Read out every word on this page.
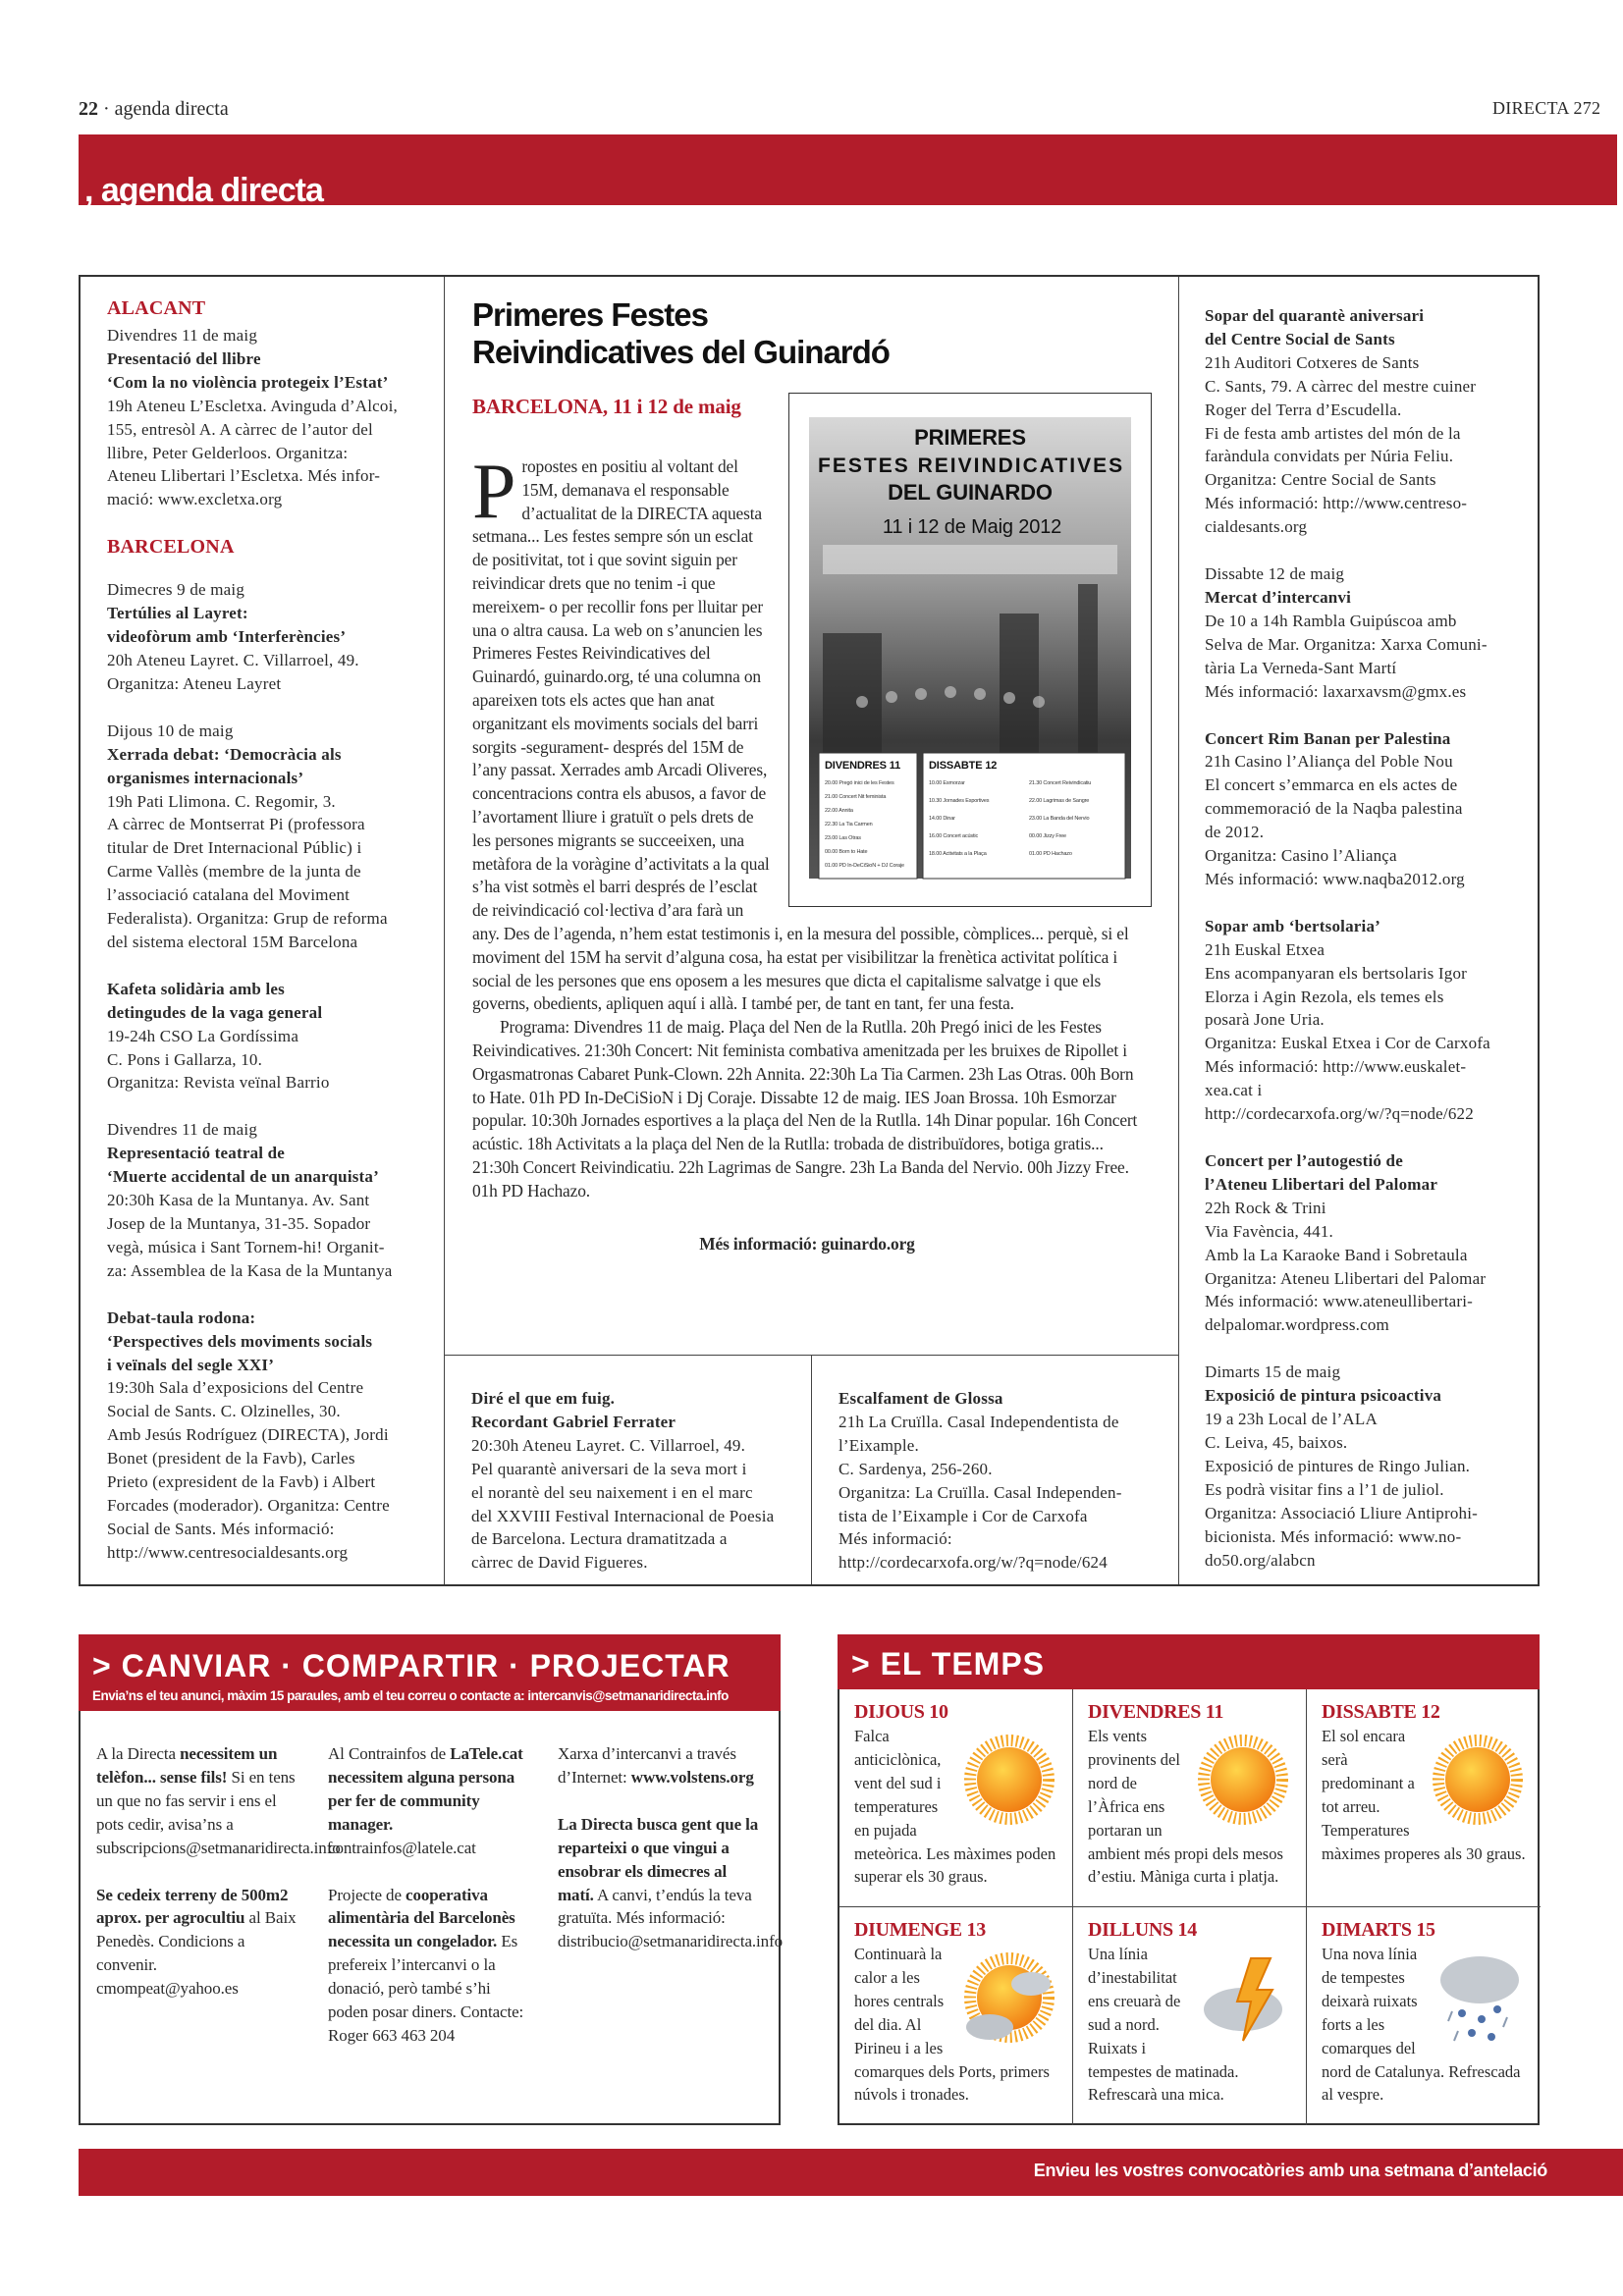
22 · agenda directa	DIRECTA 272
, agenda directa
ALACANT
Divendres 11 de maig
Presentació del llibre
‘Com la no violència protegeix l’Estat’
19h Ateneu L’Escletxa. Avinguda d’Alcoi,
155, entresòl A. A càrrec de l’autor del
llibre, Peter Gelderloos. Organitza:
Ateneu Llibertari l’Escletxa. Més infor-
mació: www.excletxa.org
BARCELONA
Dimecres 9 de maig
Tertúlies al Layret:
videofòrum amb ‘Interferències’
20h Ateneu Layret. C. Villarroel, 49.
Organitza: Ateneu Layret
Dijous 10 de maig
Xerrada debat: ‘Democràcia als
organismes internacionals’
19h Pati Llimona. C. Regomir, 3.
A càrrec de Montserrat Pi (professora
titular de Dret Internacional Públic) i
Carme Vallès (membre de la junta de
l’associació catalana del Moviment
Federalista). Organitza: Grup de reforma
del sistema electoral 15M Barcelona
Kafeta solidària amb les
detingudes de la vaga general
19-24h CSO La Gordíssima
C. Pons i Gallarza, 10.
Organitza: Revista veïnal Barrio
Divendres 11 de maig
Representació teatral de
‘Muerte accidental de un anarquista’
20:30h Kasa de la Muntanya. Av. Sant
Josep de la Muntanya, 31-35. Sopador
vegà, música i Sant Tornem-hi! Organit-
za: Assemblea de la Kasa de la Muntanya
Debat-taula rodona:
‘Perspectives dels moviments socials
i veïnals del segle XXI’
19:30h Sala d’exposicions del Centre
Social de Sants. C. Olzinelles, 30.
Amb Jesús Rodríguez (DIRECTA), Jordi
Bonet (president de la Favb), Carles
Prieto (expresident de la Favb) i Albert
Forcades (moderador). Organitza: Centre
Social de Sants. Més informació:
http://www.centresocialdesants.org
Primeres Festes
Reivindicatives del Guinardó
PRIMERES
FESTES REIVINDICATIVES
DEL GUINARDO
11 i 12 de Maig 2012
DIVENDRES 11	DISSABTE 12
20.00 Pregó inici de les Festes
21.00 Concert Nit feminista
22.00 Annita
22.30 La Tia Carmen
23.00 Las Otras
00.00 Born to Hate
01.00 PD In-DeCiSioN + DJ Coraje
10.00 Esmorzar
10.30 Jornades Esportives
14.00 Dinar
16.00 Concert acústic
18.00 Activitats a la Plaça
21.30 Concert Reivindicatiu
22.00 Lagrimas de Sangre
23.00 La Banda del Nervio
00.00 Jizzy Free
01.00 PD Hachazo
BARCELONA, 11 i 12 de maig

Propostes en positiu al voltant del 15M, demanava el responsable d’actualitat de la DIRECTA aquesta setmana... Les festes sempre són un esclat de positivitat, tot i que sovint siguin per reivindicar drets que no tenim -i que mereixem- o per recollir fons per lluitar per una o altra causa. La web on s’anuncien les Primeres Festes Reivindicatives del Guinardó, guinardo.org, té una columna on apareixen tots els actes que han anat organitzant els moviments socials del barri sorgits -segurament- després del 15M de l’any passat. Xerrades amb Arcadi Oliveres, concentracions contra els abusos, a favor de l’avortament lliure i gratuït o pels drets de les persones migrants se succeeixen, una metàfora de la voràgine d’activitats a la qual s’ha vist sotmès el barri després de l’esclat de reivindicació col·lectiva d’ara farà un any. Des de l’agenda, n’hem estat testimonis i, en la mesura del possible, còmplices... perquè, si el moviment del 15M ha servit d’alguna cosa, ha estat per visibilitzar la frenètica activitat política i social de les persones que ens oposem a les mesures que dicta el capitalisme salvatge i que els governs, obedients, apliquen aquí i allà. I també per, de tant en tant, fer una festa.

Programa: Divendres 11 de maig. Plaça del Nen de la Rutlla. 20h Pregó inici de les Festes Reivindicatives. 21:30h Concert: Nit feminista combativa amenitzada per les bruixes de Ripollet i Orgasmatronas Cabaret Punk-Clown. 22h Annita. 22:30h La Tia Carmen. 23h Las Otras. 00h Born to Hate. 01h PD In-DeCiSioN i Dj Coraje. Dissabte 12 de maig. IES Joan Brossa. 10h Esmorzar popular. 10:30h Jornades esportives a la plaça del Nen de la Rutlla. 14h Dinar popular. 16h Concert acústic. 18h Activitats a la plaça del Nen de la Rutlla: trobada de distribuïdores, botiga gratis... 21:30h Concert Reivindicatiu. 22h Lagrimas de Sangre. 23h La Banda del Nervio. 00h Jizzy Free. 01h PD Hachazo.

Més informació: guinardo.org
Diré el que em fuig.
Recordant Gabriel Ferrater
20:30h Ateneu Layret. C. Villarroel, 49.
Pel quarantè aniversari de la seva mort i
el norantè del seu naixement i en el marc
del XXVIII Festival Internacional de Poesia
de Barcelona. Lectura dramatitzada a
càrrec de David Figueres.
Escalfament de Glossa
21h La Cruïlla. Casal Independentista de
l’Eixample.
C. Sardenya, 256-260.
Organitza: La Cruïlla. Casal Independen-
tista de l’Eixample i Cor de Carxofa
Més informació:
http://cordecarxofa.org/w/?q=node/624
Sopar del quarantè aniversari
del Centre Social de Sants
21h Auditori Cotxeres de Sants
C. Sants, 79. A càrrec del mestre cuiner
Roger del Terra d’Escudella.
Fi de festa amb artistes del món de la
faràndula convidats per Núria Feliu.
Organitza: Centre Social de Sants
Més informació: http://www.centreso-
cialdesants.org
Dissabte 12 de maig
Mercat d’intercanvi
De 10 a 14h Rambla Guipúscoa amb
Selva de Mar. Organitza: Xarxa Comuni-
tària La Verneda-Sant Martí
Més informació: laxarxavsm@gmx.es
Concert Rim Banan per Palestina
21h Casino l’Aliança del Poble Nou
El concert s’emmarca en els actes de
commemoració de la Naqba palestina
de 2012.
Organitza: Casino l’Aliança
Més informació: www.naqba2012.org
Sopar amb ‘bertsolaria’
21h Euskal Etxea
Ens acompanyaran els bertsolaris Igor
Elorza i Agin Rezola, els temes els
posarà Jone Uria.
Organitza: Euskal Etxea i Cor de Carxofa
Més informació: http://www.euskalet-
xea.cat i
http://cordecarxofa.org/w/?q=node/622
Concert per l’autogestió de
l’Ateneu Llibertari del Palomar
22h Rock & Trini
Via Favència, 441.
Amb la La Karaoke Band i Sobretaula
Organitza: Ateneu Llibertari del Palomar
Més informació: www.ateneullibertari-
delpalomar.wordpress.com
Dimarts 15 de maig
Exposició de pintura psicoactiva
19 a 23h Local de l’ALA
C. Leiva, 45, baixos.
Exposició de pintures de Ringo Julian.
Es podrà visitar fins a l’1 de juliol.
Organitza: Associació Lliure Antiprohi-
bicionista. Més informació: www.no-
do50.org/alabcn
> CANVIAR · COMPARTIR · PROJECTAR
Envia’ns el teu anunci, màxim 15 paraules, amb el teu correu o contacte a: intercanvis@setmanaridirecta.info
A la Directa necessitem un telèfon... sense fils! Si en tens un que no fas servir i ens el pots cedir, avisa’ns a subscripcions@setmanaridirecta.info
Se cedeix terreny de 500m2 aprox. per agrocultiu al Baix Penedès. Condicions a convenir. cmompeat@yahoo.es
Al Contrainfos de LaTele.cat necessitem alguna persona per fer de community manager. contrainfos@latele.cat
Projecte de cooperativa alimentària del Barcelonès necessita un congelador. Es prefereix l’intercanvi o la donació, però també s’hi poden posar diners. Contacte: Roger 663 463 204
Xarxa d’intercanvi a través d’Internet: www.volstens.org
La Directa busca gent que la reparteixi o que vingui a ensobrar els dimecres al matí. A canvi, t’endús la teva gratuïta. Més informació: distribucio@setmanaridirecta.info
> EL TEMPS
DIJOUS 10
Falca anticiclònica, vent del sud i temperatures en pujada meteòrica. Les màximes poden superar els 30 graus.
DIVENDRES 11
Els vents provinents del nord de l’Àfrica ens portaran un ambient més propi dels mesos d’estiu. Màniga curta i platja.
DISSABTE 12
El sol encara serà predominant a tot arreu. Temperatures màximes properes als 30 graus.
DIUMENGE 13
Continuarà la calor a les hores centrals del dia. Al Pirineu i a les comarques dels Ports, primers núvols i tronades.
DILLUNS 14
Una línia d’inestabilitat ens creuarà de sud a nord. Ruixats i tempestes de matinada. Refrescarà una mica.
DIMARTS 15
Una nova línia de tempestes deixarà ruixats forts a les comarques del nord de Catalunya. Refrescada al vespre.
Envieu les vostres convocatòries amb una setmana d’antelació
